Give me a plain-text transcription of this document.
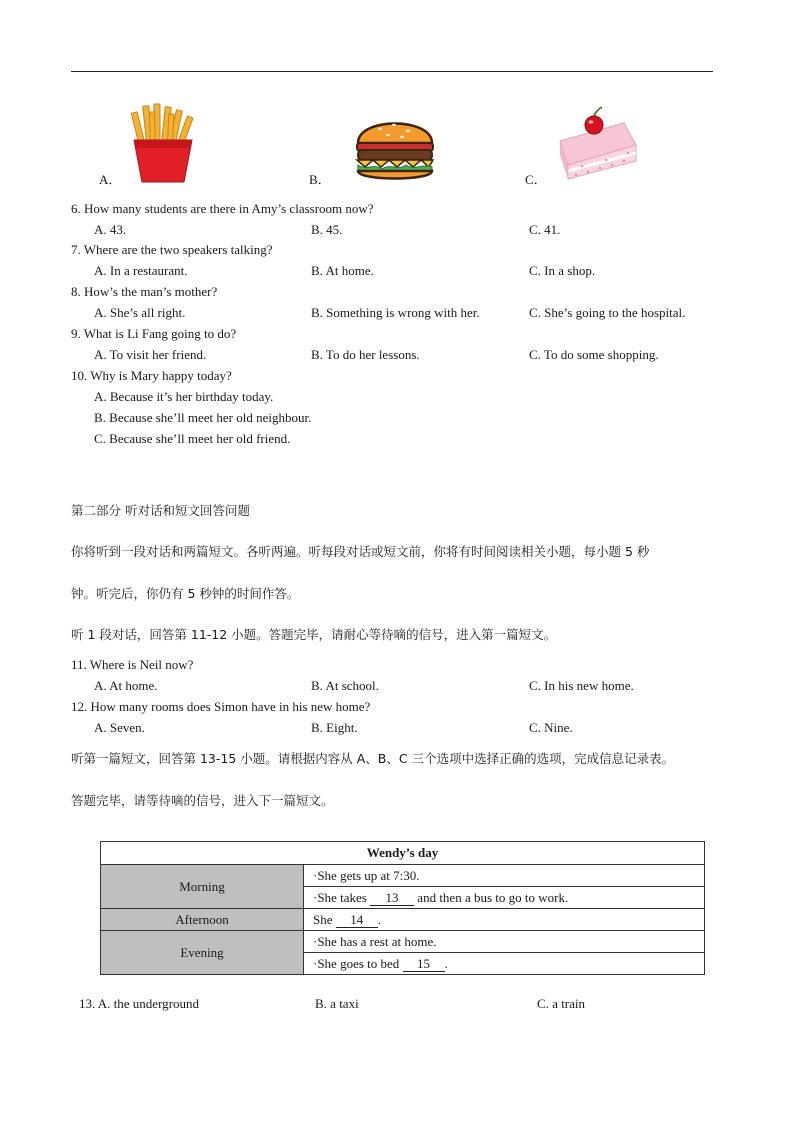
A．	B．	C．
6. How many students are there in Amy’s classroom now?
A. 43.	B. 45.	C. 41.
7. Where are the two speakers talking?
A. In a restaurant.	B. At home.	C. In a shop.
8. How’s the man’s mother?
A. She’s all right.	B. Something is wrong with her.	C. She’s going to the hospital.
9. What is Li Fang going to do?
A. To visit her friend.	B. To do her lessons.	C. To do some shopping.
10. Why is Mary happy today?
A. Because it’s her birthday today.
B. Because she’ll meet her old neighbour.
C. Because she’ll meet her old friend.
第二部分 听对话和短文回答问题
你将听到一段对话和两篇短文。各听两遍。听每段对话或短文前，你将有时间阅读相关小题，每小题 5 秒
钟。听完后，你仍有 5 秒钟的时间作答。
听 1 段对话，回答第 11-12 小题。答题完毕，请耐心等待嘀的信号，进入第一篇短文。
11. Where is Neil now?
A. At home.	B. At school.	C. In his new home.
12. How many rooms does Simon have in his new home?
A. Seven.	B. Eight.	C. Nine.
听第一篇短文，回答第 13-15 小题。请根据内容从 A、B、C 三个选项中选择正确的选项，完成信息记录表。
答题完毕，请等待嘀的信号，进入下一篇短文。
Wendy’s day	
Morning	·She gets up at 7:30.
·She takes 13 and then a bus to go to work.

Afternoon	She 14 .

Evening	·She has a rest at home.
·She goes to bed 15 .
13. A. the underground	B. a taxi	C. a train
